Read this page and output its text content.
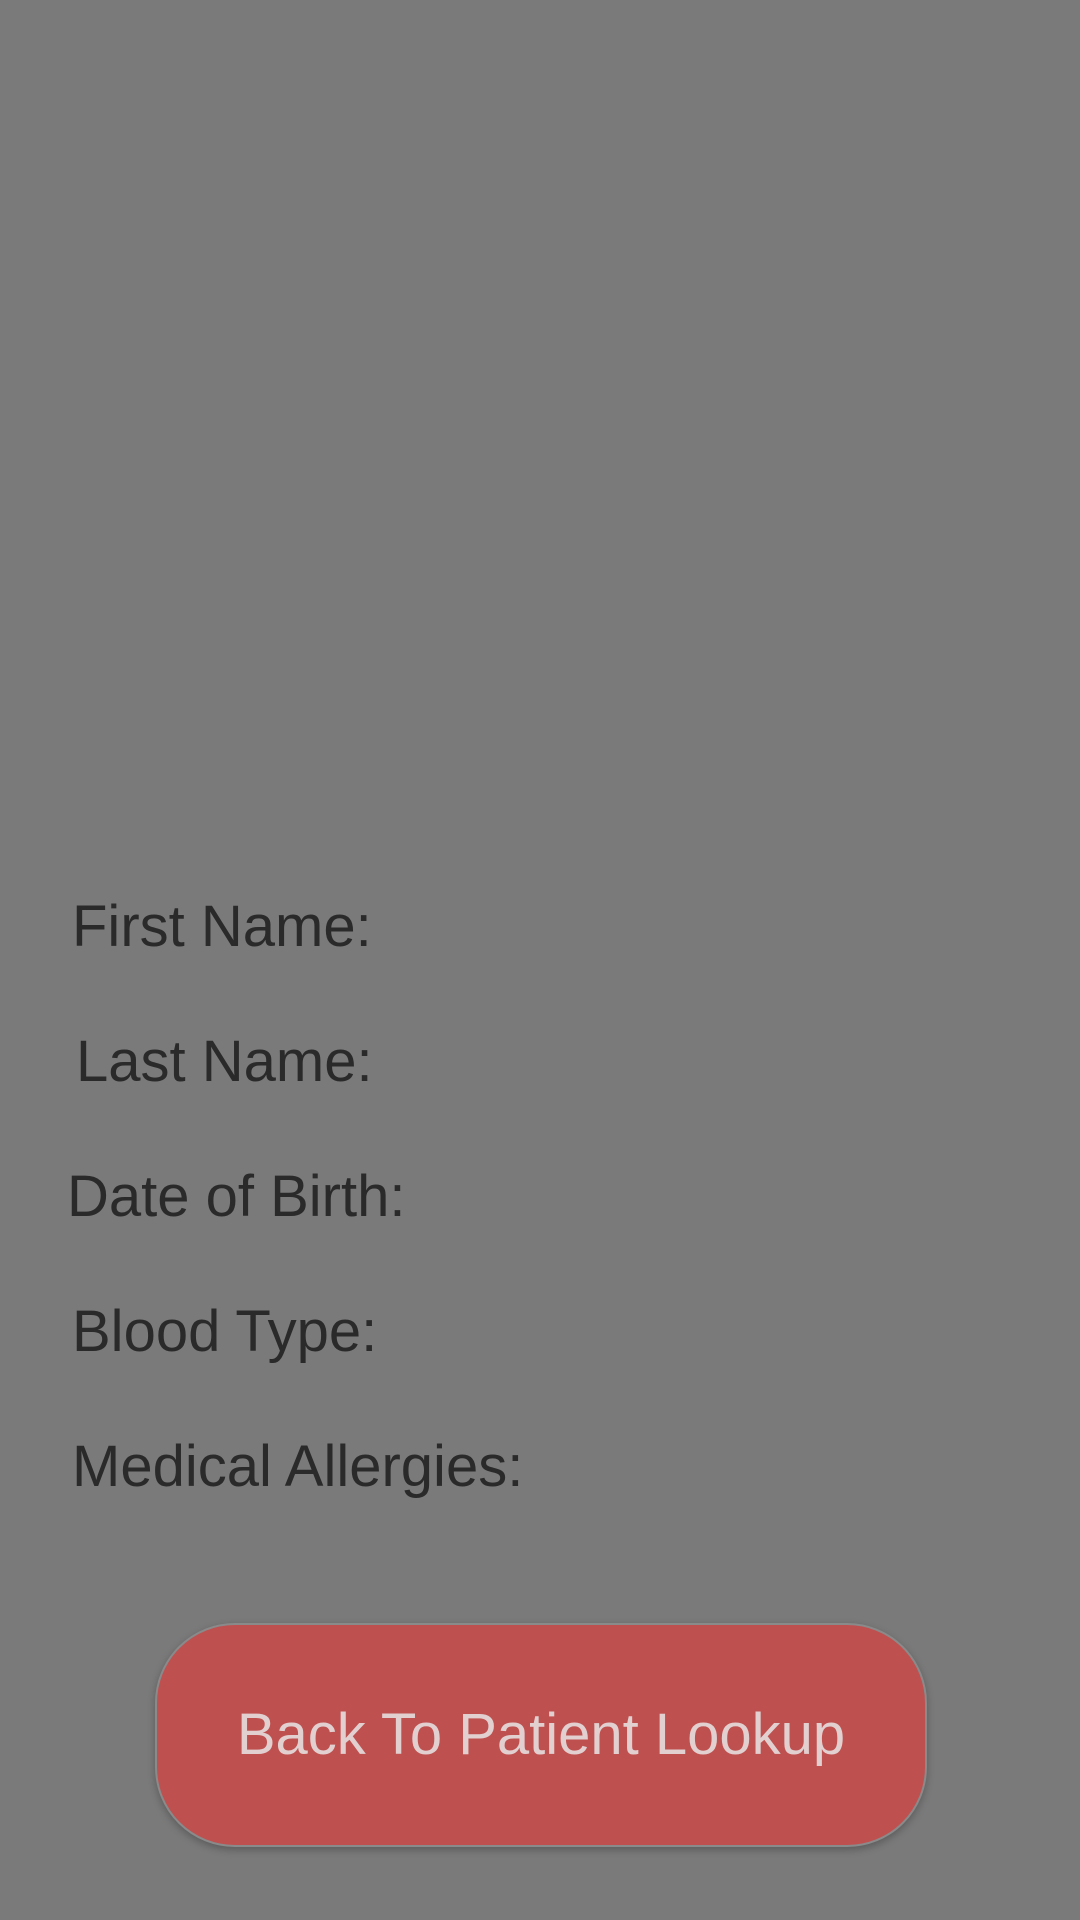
First Name:
Last Name:
Date of Birth:
Blood Type:
Medical Allergies:
Back To Patient Lookup
